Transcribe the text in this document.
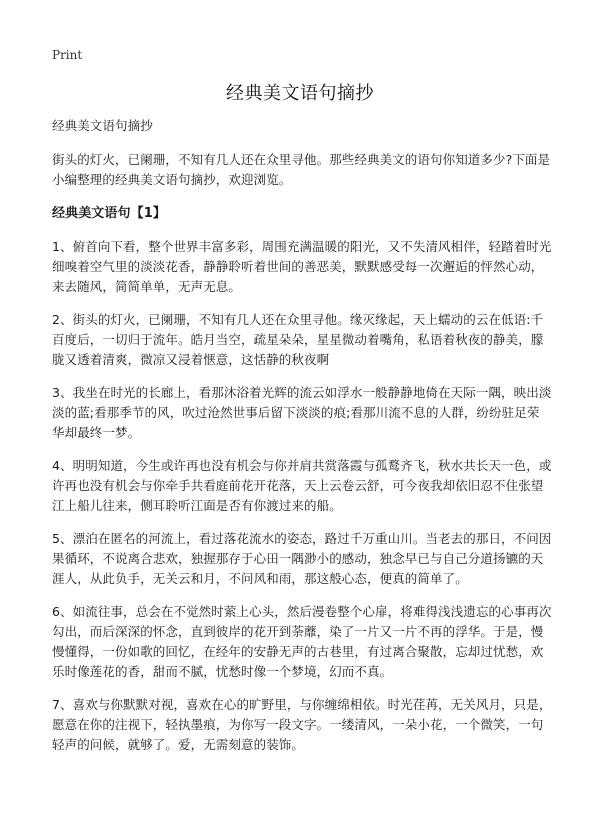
Print
经典美文语句摘抄

经典美文语句摘抄

街头的灯火，已阑珊，不知有几人还在众里寻他。那些经典美文的语句你知道多少?下面是小编整理的经典美文语句摘抄，欢迎浏览。

经典美文语句【1】

1、俯首向下看，整个世界丰富多彩，周围充满温暖的阳光，又不失清风相伴，轻踏着时光细嗅着空气里的淡淡花香，静静聆听着世间的善恶美，默默感受每一次邂逅的怦然心动，来去随风，简简单单，无声无息。

2、街头的灯火，已阑珊，不知有几人还在众里寻他。缘灭缘起，天上蠕动的云在低语:千百度后，一切归于流年。皓月当空，疏星朵朵，星星微动着嘴角，私语着秋夜的静美，朦胧又透着清爽，微凉又浸着惬意，这恬静的秋夜啊

3、我坐在时光的长廊上，看那沐浴着光辉的流云如浮水一般静静地倚在天际一隅，映出淡淡的蓝;看那季节的风，吹过沧然世事后留下淡淡的痕;看那川流不息的人群，纷纷驻足荣华却最终一梦。

4、明明知道，今生或许再也没有机会与你并肩共赏落霞与孤鹜齐飞，秋水共长天一色，或许再也没有机会与你牵手共看庭前花开花落，天上云卷云舒，可今夜我却依旧忍不住张望江上船儿往来，侧耳聆听江面是否有你渡过来的船。

5、漂泊在匿名的河流上，看过落花流水的姿态，路过千万重山川。当老去的那日，不问因果循环，不说离合悲欢，独握那存于心田一隅渺小的感动，独念早已与自己分道扬镳的天涯人，从此负手，无关云和月，不问风和雨，那这般心态，便真的简单了。

6、如流往事，总会在不觉然时萦上心头，然后漫卷整个心扉，将难得浅浅遗忘的心事再次勾出，而后深深的怀念，直到彼岸的花开到荼蘼，染了一片又一片不再的浮华。于是，慢慢懂得，一份如歌的回忆，在经年的安静无声的古巷里，有过离合聚散，忘却过忧愁，欢乐时像莲花的香，甜而不腻，忧愁时像一个梦境，幻而不真。

7、喜欢与你默默对视，喜欢在心的旷野里，与你缠绵相依。时光荏苒，无关风月，只是，愿意在你的注视下，轻执墨痕，为你写一段文字。一缕清风，一朵小花，一个微笑，一句轻声的问候，就够了。爱，无需刻意的装饰。
